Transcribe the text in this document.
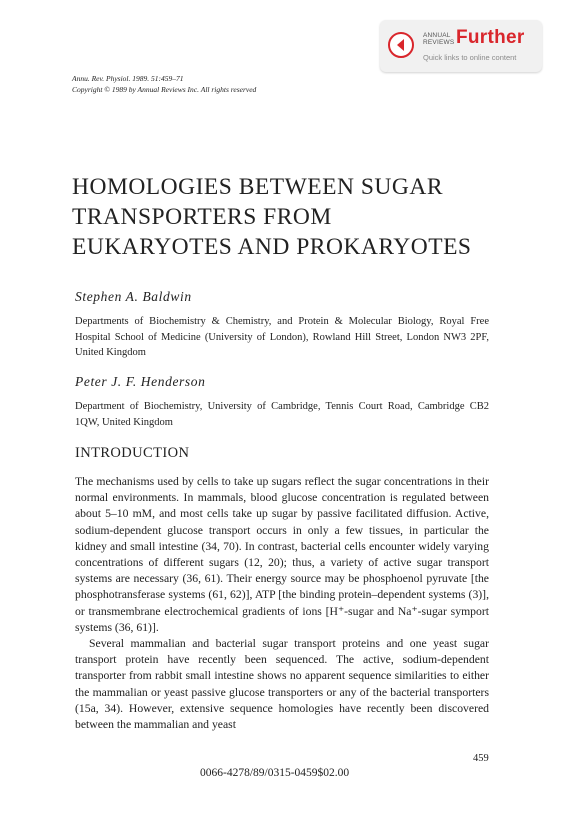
ANNUAL
REVIEWS Further
Quick links to online content
Annu. Rev. Physiol. 1989. 51:459–71
Copyright © 1989 by Annual Reviews Inc. All rights reserved
HOMOLOGIES BETWEEN SUGAR
TRANSPORTERS FROM
EUKARYOTES AND PROKARYOTES
Stephen A. Baldwin
Departments of Biochemistry & Chemistry, and Protein & Molecular Biology, Royal Free Hospital School of Medicine (University of London), Rowland Hill Street, London NW3 2PF, United Kingdom
Peter J. F. Henderson
Department of Biochemistry, University of Cambridge, Tennis Court Road, Cambridge CB2 1QW, United Kingdom
INTRODUCTION

The mechanisms used by cells to take up sugars reflect the sugar concentrations in their normal environments. In mammals, blood glucose concentration is regulated between about 5–10 mM, and most cells take up sugar by passive facilitated diffusion. Active, sodium-dependent glucose transport occurs in only a few tissues, in particular the kidney and small intestine (34, 70). In contrast, bacterial cells encounter widely varying concentrations of different sugars (12, 20); thus, a variety of active sugar transport systems are necessary (36, 61). Their energy source may be phosphoenol pyruvate [the phosphotransferase systems (61, 62)], ATP [the binding protein–dependent systems (3)], or transmembrane electrochemical gradients of ions [H⁺-sugar and Na⁺-sugar symport systems (36, 61)].

Several mammalian and bacterial sugar transport proteins and one yeast sugar transport protein have recently been sequenced. The active, sodium-dependent transporter from rabbit small intestine shows no apparent sequence similarities to either the mammalian or yeast passive glucose transporters or any of the bacterial transporters (15a, 34). However, extensive sequence homologies have recently been discovered between the mammalian and yeast

459
0066-4278/89/0315-0459$02.00
